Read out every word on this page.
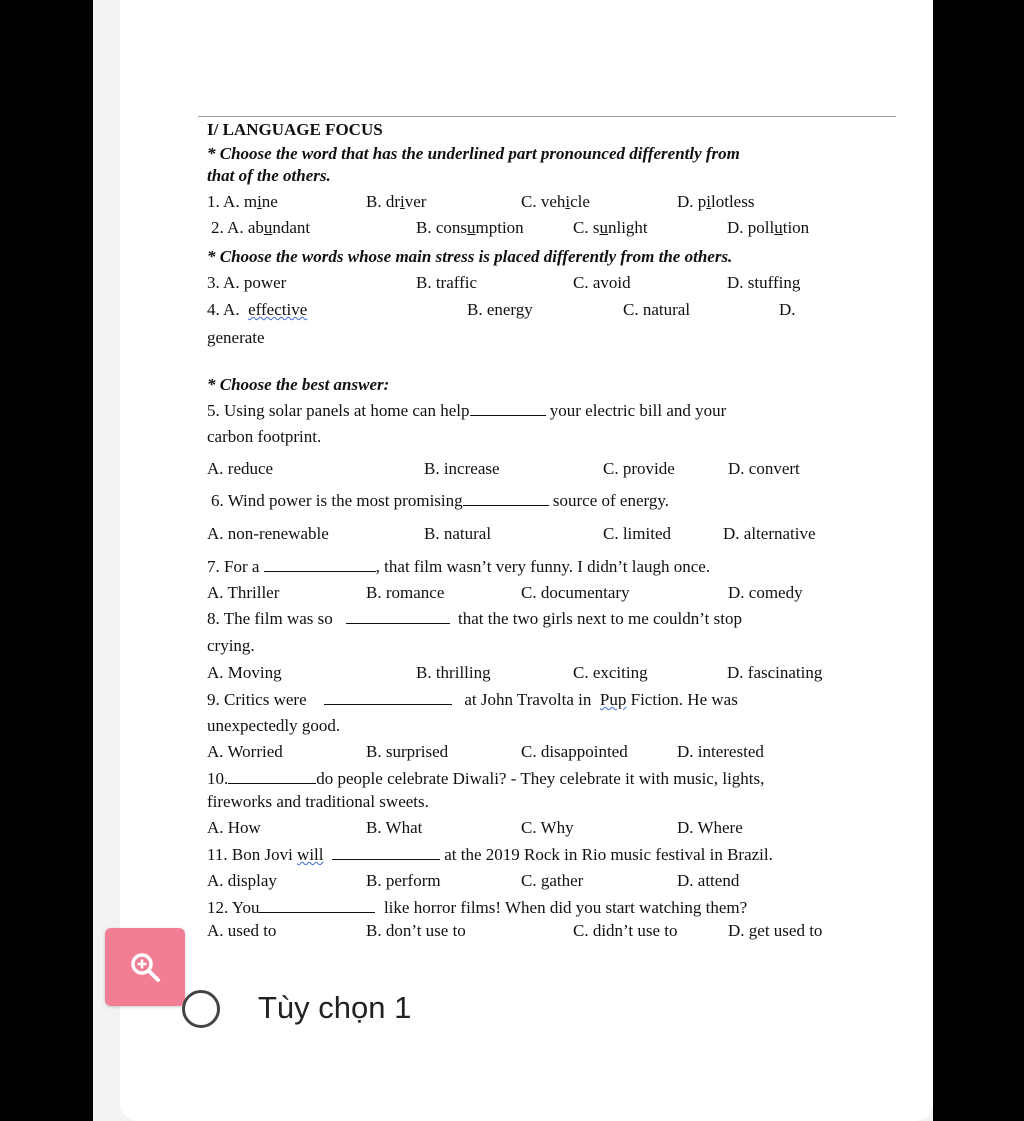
I/ LANGUAGE FOCUS
* Choose the word that has the underlined part pronounced differently from
that of the others.
1. A. mine	B. driver	C. vehicle	D. pilotless
2. A. abundant	B. consumption	C. sunlight	D. pollution
* Choose the words whose main stress is placed differently from the others.
3. A. power	B. traffic	C. avoid	D. stuffing
4. A. effective	B. energy	C. natural	D.
generate
* Choose the best answer:
5. Using solar panels at home can help	your electric bill and your
carbon footprint.
A. reduce	B. increase	C. provide	D. convert
6. Wind power is the most promising	source of energy.
A. non-renewable	B. natural	C. limited	D. alternative
7. For a	, that film wasn’t very funny. I didn’t laugh once.
A. Thriller	B. romance	C. documentary	D. comedy
8. The film was so	that the two girls next to me couldn’t stop
crying.
A. Moving	B. thrilling	C. exciting	D. fascinating
9. Critics were	at John Travolta in Pup Fiction. He was
unexpectedly good.
A. Worried	B. surprised	C. disappointed	D. interested
10.	do people celebrate Diwali? - They celebrate it with music, lights,
fireworks and traditional sweets.
A. How	B. What	C. Why	D. Where
11. Bon Jovi will	at the 2019 Rock in Rio music festival in Brazil.
A. display	B. perform	C. gather	D. attend
12. You	like horror films! When did you start watching them?
A. used to	B. don’t use to	C. didn’t use to	D. get used to
Tùy chọn 1
